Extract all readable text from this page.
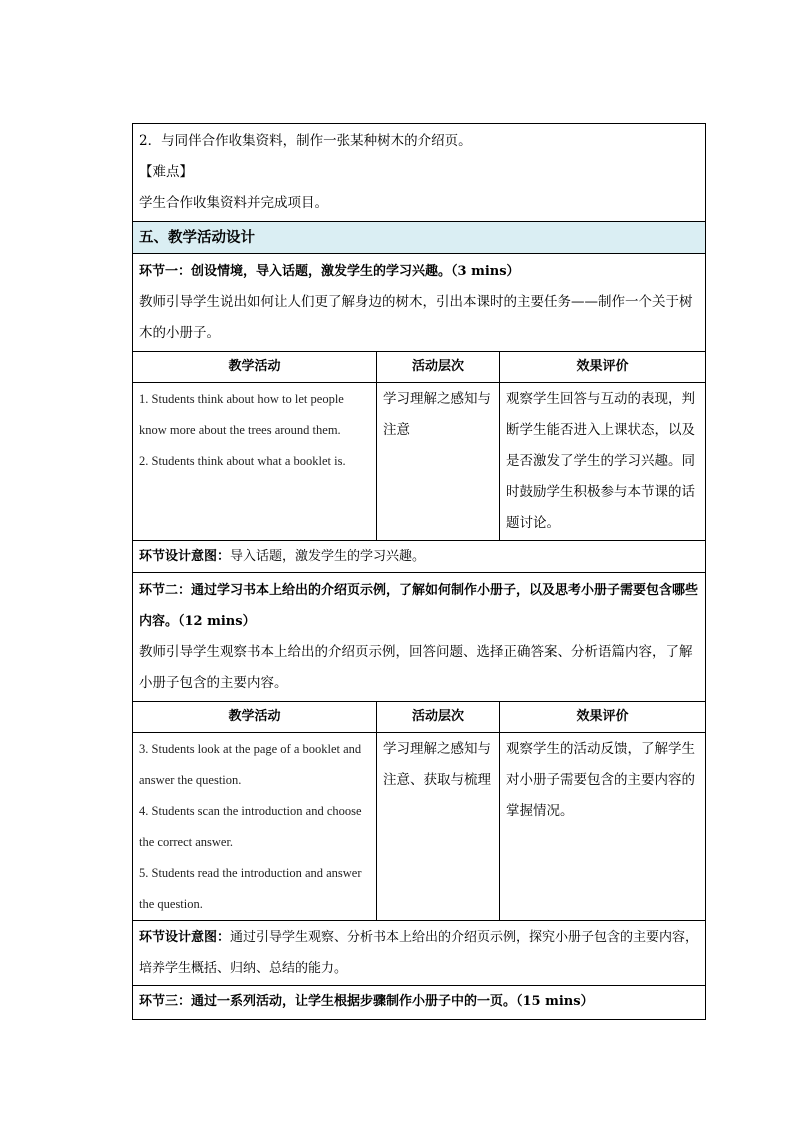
2．与同伴合作收集资料，制作一张某种树木的介绍页。

【难点】

学生合作收集资料并完成项目。		

五、教学活动设计		

环节一：创设情境，导入话题，激发学生的学习兴趣。（3 mins）

教师引导学生说出如何让人们更了解身边的树木，引出本课时的主要任务——制作一个关于树木的小册子。		

教学活动	活动层次	效果评价

1. Students think about how to let people know more about the trees around them.

2. Students think about what a booklet is.	学习理解之感知与注意	观察学生回答与互动的表现，判断学生能否进入上课状态，以及是否激发了学生的学习兴趣。同时鼓励学生积极参与本节课的话题讨论。
环节设计意图：导入话题，激发学生的学习兴趣。		

环节二：通过学习书本上给出的介绍页示例，了解如何制作小册子，以及思考小册子需要包含哪些内容。（12 mins）

教师引导学生观察书本上给出的介绍页示例，回答问题、选择正确答案、分析语篇内容，了解小册子包含的主要内容。		

教学活动	活动层次	效果评价

3. Students look at the page of a booklet and answer the question.

4. Students scan the introduction and choose the correct answer.

5. Students read the introduction and answer the question.	学习理解之感知与注意、获取与梳理	观察学生的活动反馈，了解学生对小册子需要包含的主要内容的掌握情况。
环节设计意图：通过引导学生观察、分析书本上给出的介绍页示例，探究小册子包含的主要内容，培养学生概括、归纳、总结的能力。		

环节三：通过一系列活动，让学生根据步骤制作小册子中的一页。（15 mins）		
